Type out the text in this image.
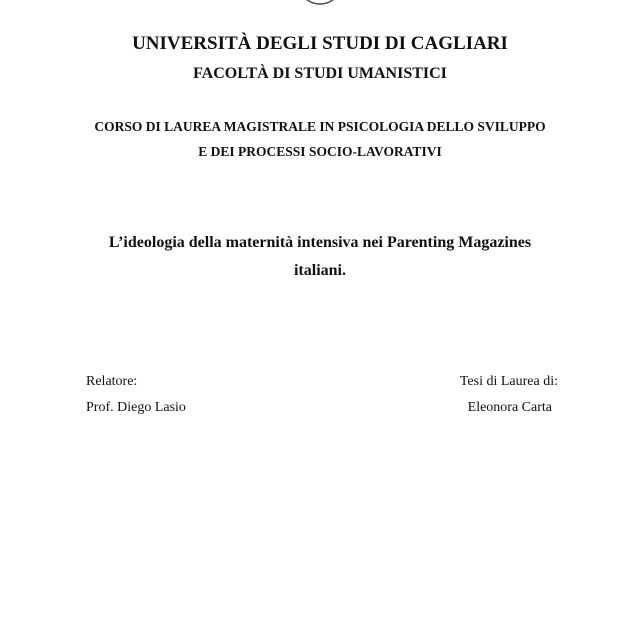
UNIVERSITÀ DEGLI STUDI DI CAGLIARI
FACOLTÀ DI STUDI UMANISTICI
CORSO DI LAUREA MAGISTRALE IN PSICOLOGIA DELLO SVILUPPO
E DEI PROCESSI SOCIO-LAVORATIVI
L’ideologia della maternità intensiva nei Parenting Magazines
italiani.
Relatore:
Prof. Diego Lasio
Tesi di Laurea di:
Eleonora Carta
